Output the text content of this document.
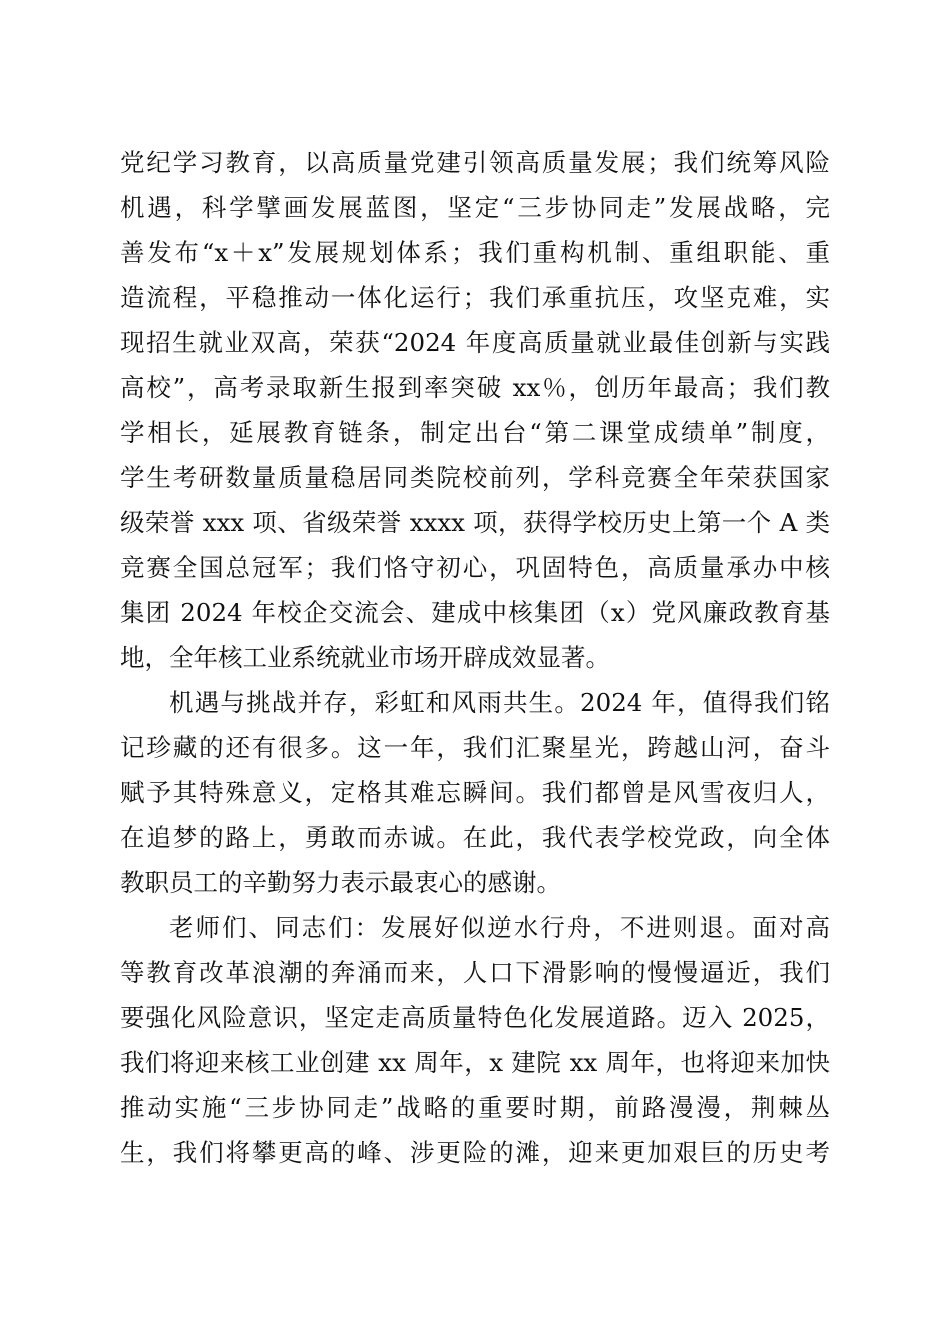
党纪学习教育，以高质量党建引领高质量发展；我们统筹风险
机遇，科学擘画发展蓝图，坚定“三步协同走”发展战略，完
善发布“x＋x”发展规划体系；我们重构机制、重组职能、重
造流程，平稳推动一体化运行；我们承重抗压，攻坚克难，实
现招生就业双高，荣获“2024 年度高质量就业最佳创新与实践
高校”，高考录取新生报到率突破 xx％，创历年最高；我们教
学相长，延展教育链条，制定出台“第二课堂成绩单”制度，
学生考研数量质量稳居同类院校前列，学科竞赛全年荣获国家
级荣誉 xxx 项、省级荣誉 xxxx 项，获得学校历史上第一个 A 类
竞赛全国总冠军；我们恪守初心，巩固特色，高质量承办中核
集团 2024 年校企交流会、建成中核集团（x）党风廉政教育基
地，全年核工业系统就业市场开辟成效显著。
机遇与挑战并存，彩虹和风雨共生。2024 年，值得我们铭
记珍藏的还有很多。这一年，我们汇聚星光，跨越山河，奋斗
赋予其特殊意义，定格其难忘瞬间。我们都曾是风雪夜归人，
在追梦的路上，勇敢而赤诚。在此，我代表学校党政，向全体
教职员工的辛勤努力表示最衷心的感谢。
老师们、同志们：发展好似逆水行舟，不进则退。面对高
等教育改革浪潮的奔涌而来，人口下滑影响的慢慢逼近，我们
要强化风险意识，坚定走高质量特色化发展道路。迈入 2025，
我们将迎来核工业创建 xx 周年，x 建院 xx 周年，也将迎来加快
推动实施“三步协同走”战略的重要时期，前路漫漫，荆棘丛
生，我们将攀更高的峰、涉更险的滩，迎来更加艰巨的历史考
